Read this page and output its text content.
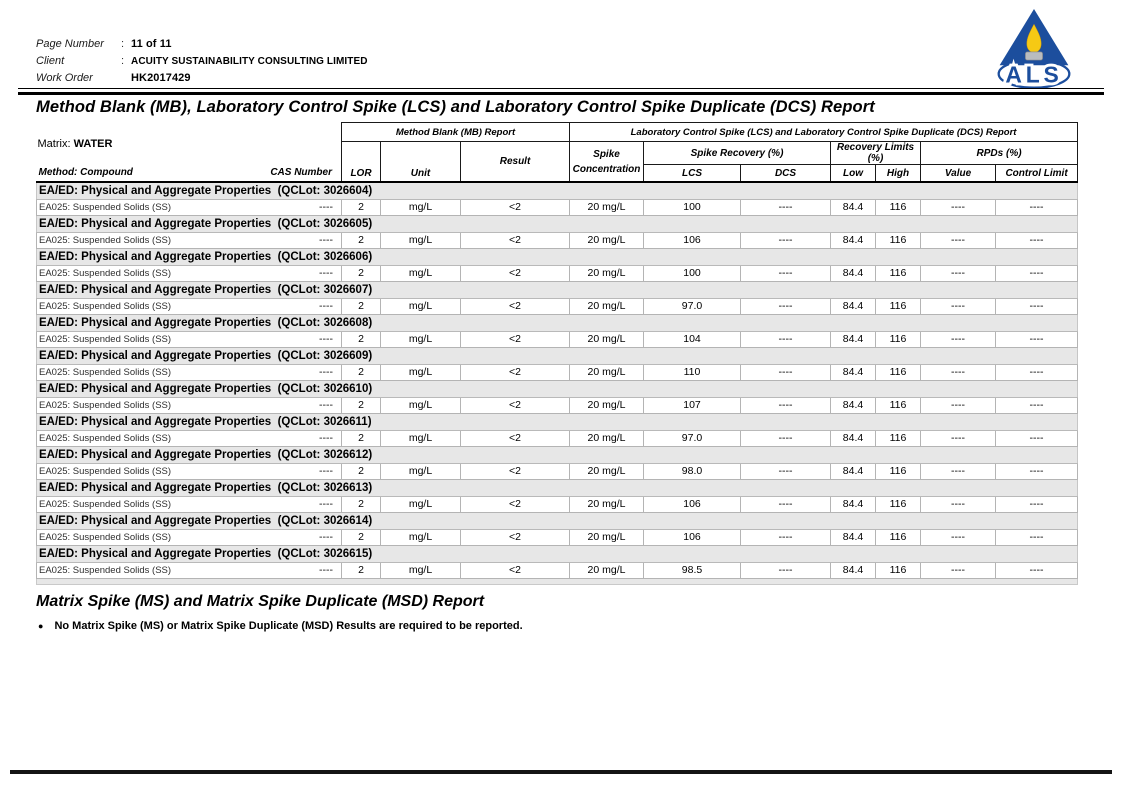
Page Number	: 11 of 11
Client	: ACUITY SUSTAINABILITY CONSULTING LIMITED
Work Order	HK2017429	ALS
Method Blank (MB), Laboratory Control Spike (LCS) and Laboratory Control Spike Duplicate (DCS) Report
Matrix: WATER	Method Blank (MB) Report			Laboratory Control Spike (LCS) and Laboratory Control Spike Duplicate (DCS) Report						
	LOR	Unit	Result	Spike
Concentration	Spike Recovery (%)		Recovery Limits (%)		RPDs (%)	

Method: Compound CAS Number					LCS	DCS	Low	High	Value	Control Limit
EA/ED: Physical and Aggregate Properties  (QCLot: 3026604)										

EA025: Suspended Solids (SS) ----	2	mg/L	<2	20 mg/L	100	----	84.4	116	----	----
EA/ED: Physical and Aggregate Properties  (QCLot: 3026605)										

EA025: Suspended Solids (SS) ----	2	mg/L	<2	20 mg/L	106	----	84.4	116	----	----
EA/ED: Physical and Aggregate Properties  (QCLot: 3026606)										

EA025: Suspended Solids (SS) ----	2	mg/L	<2	20 mg/L	100	----	84.4	116	----	----
EA/ED: Physical and Aggregate Properties  (QCLot: 3026607)										

EA025: Suspended Solids (SS) ----	2	mg/L	<2	20 mg/L	97.0	----	84.4	116	----	----
EA/ED: Physical and Aggregate Properties  (QCLot: 3026608)										

EA025: Suspended Solids (SS) ----	2	mg/L	<2	20 mg/L	104	----	84.4	116	----	----
EA/ED: Physical and Aggregate Properties  (QCLot: 3026609)										

EA025: Suspended Solids (SS) ----	2	mg/L	<2	20 mg/L	110	----	84.4	116	----	----
EA/ED: Physical and Aggregate Properties  (QCLot: 3026610)										

EA025: Suspended Solids (SS) ----	2	mg/L	<2	20 mg/L	107	----	84.4	116	----	----
EA/ED: Physical and Aggregate Properties  (QCLot: 3026611)										

EA025: Suspended Solids (SS) ----	2	mg/L	<2	20 mg/L	97.0	----	84.4	116	----	----
EA/ED: Physical and Aggregate Properties  (QCLot: 3026612)										

EA025: Suspended Solids (SS) ----	2	mg/L	<2	20 mg/L	98.0	----	84.4	116	----	----
EA/ED: Physical and Aggregate Properties  (QCLot: 3026613)										

EA025: Suspended Solids (SS) ----	2	mg/L	<2	20 mg/L	106	----	84.4	116	----	----
EA/ED: Physical and Aggregate Properties  (QCLot: 3026614)										

EA025: Suspended Solids (SS) ----	2	mg/L	<2	20 mg/L	106	----	84.4	116	----	----
EA/ED: Physical and Aggregate Properties  (QCLot: 3026615)										

EA025: Suspended Solids (SS) ----	2	mg/L	<2	20 mg/L	98.5	----	84.4	116	----	----

Matrix Spike (MS) and Matrix Spike Duplicate (MSD) Report
● No Matrix Spike (MS) or Matrix Spike Duplicate (MSD) Results are required to be reported.
